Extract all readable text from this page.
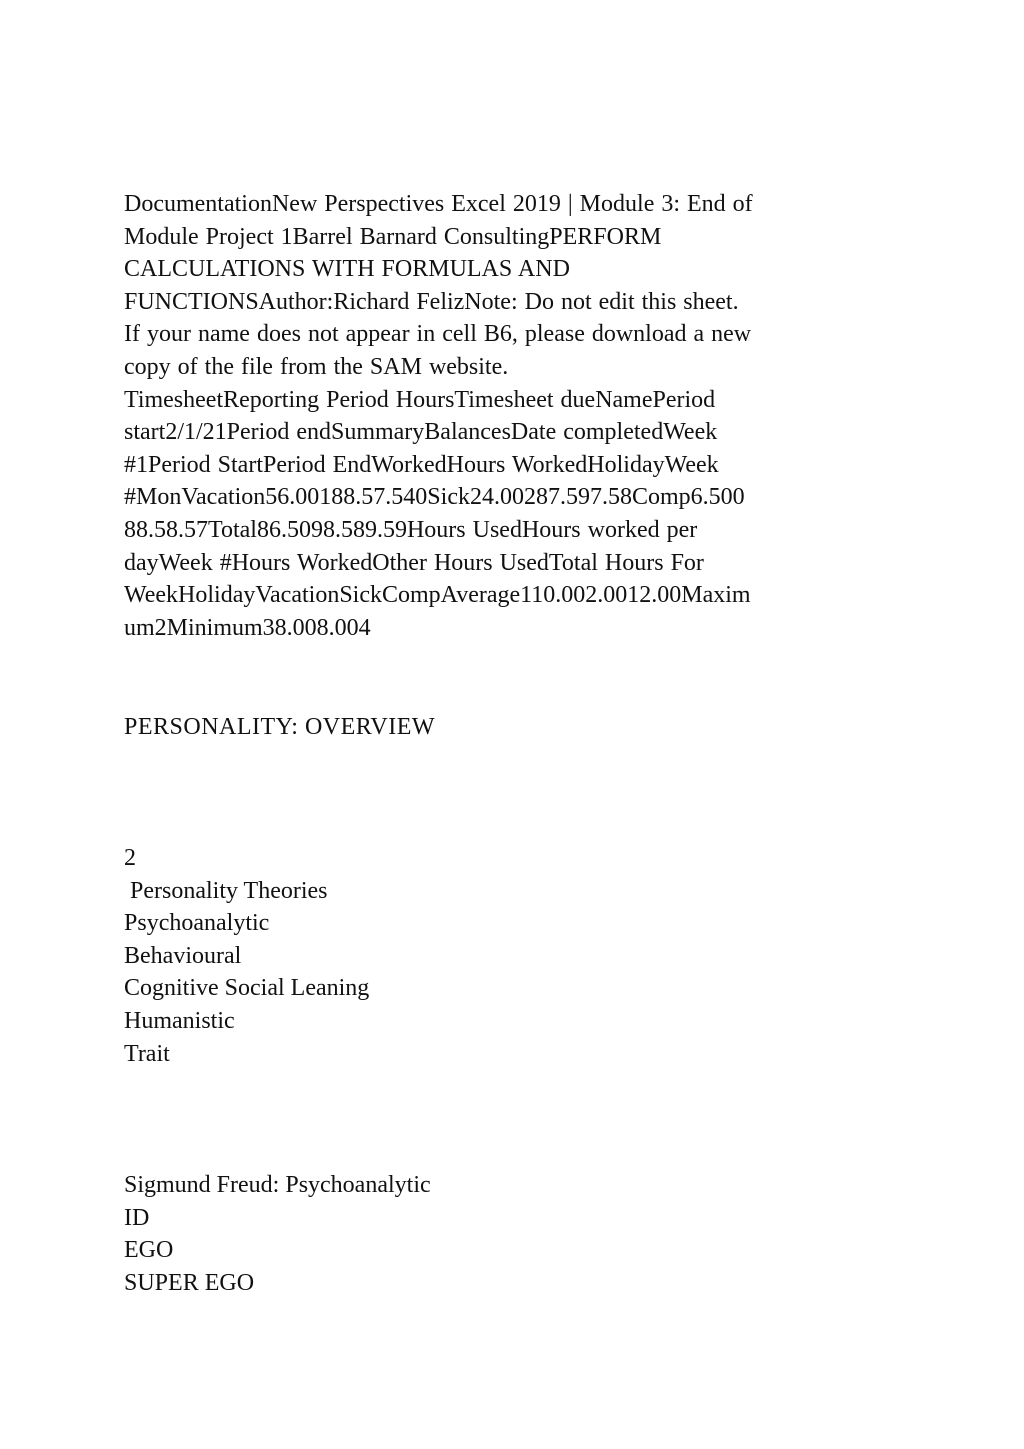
DocumentationNew Perspectives Excel 2019 | Module 3: End of
Module Project 1Barrel Barnard ConsultingPERFORM
CALCULATIONS WITH FORMULAS AND
FUNCTIONSAuthor:Richard FelizNote: Do not edit this sheet.
If your name does not appear in cell B6, please download a new
copy of the file from the SAM website.
TimesheetReporting Period HoursTimesheet dueNamePeriod
start2/1/21Period endSummaryBalancesDate completedWeek
#1Period StartPeriod EndWorkedHours WorkedHolidayWeek
#MonVacation56.00188.57.540Sick24.00287.597.58Comp6.500
88.58.57Total86.5098.589.59Hours UsedHours worked per
dayWeek #Hours WorkedOther Hours UsedTotal Hours For
WeekHolidayVacationSickCompAverage110.002.0012.00Maxim
um2Minimum38.008.004
PERSONALITY: OVERVIEW
2
Personality Theories
Psychoanalytic
Behavioural
Cognitive Social Leaning
Humanistic
Trait
Sigmund Freud: Psychoanalytic
ID
EGO
SUPER EGO
